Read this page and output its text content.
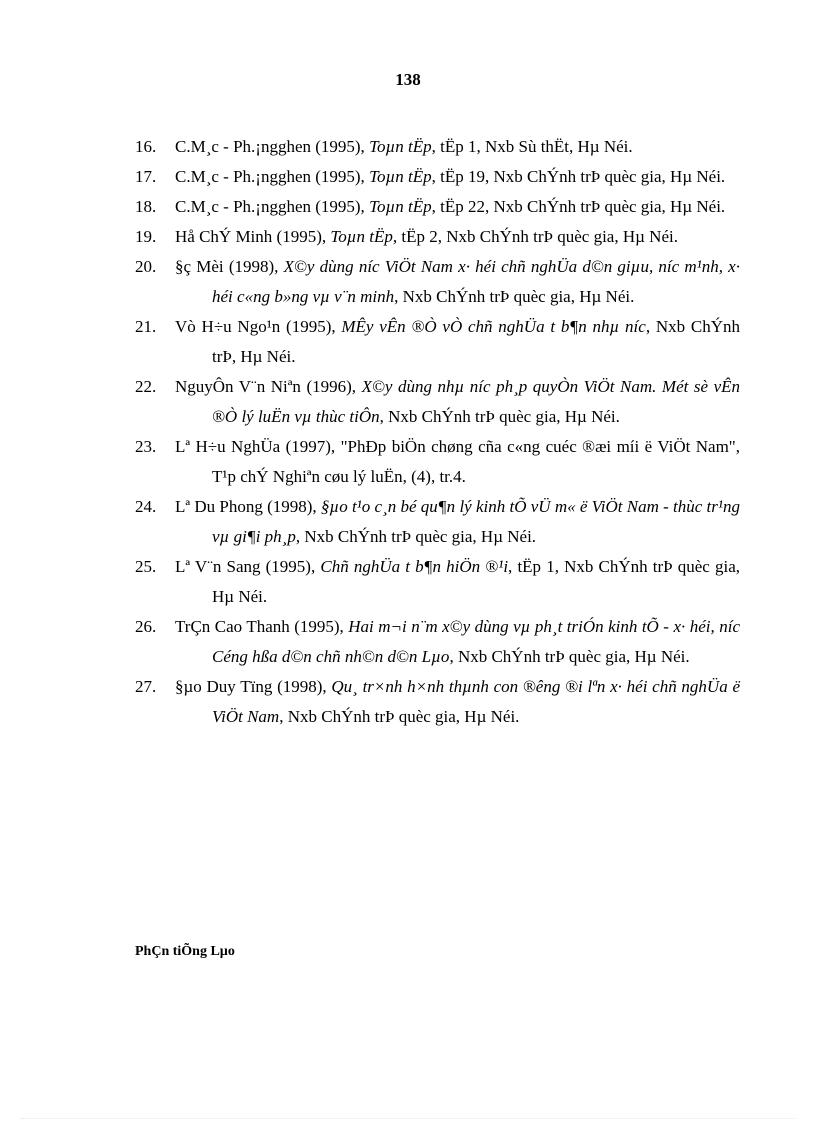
138
16.	C.M¸c - Ph.¡ngghen (1995), Toµn tËp, tËp 1, Nxb Sù thËt, Hµ Néi.
17.	C.M¸c - Ph.¡ngghen (1995), Toµn tËp, tËp 19, Nxb ChÝnh trÞ quèc gia, Hµ Néi.
18.	C.M¸c - Ph.¡ngghen (1995), Toµn tËp, tËp 22, Nxb ChÝnh trÞ quèc gia, Hµ Néi.
19.	Hå ChÝ Minh (1995), Toµn tËp, tËp 2, Nxb ChÝnh trÞ quèc gia, Hµ Néi.
20.	§ç Mèi (1998), X©y dùng níc ViÖt Nam x· héi chñ nghÜa d©n giµu, níc m¹nh, x· héi c«ng b»ng vµ v¨n minh, Nxb ChÝnh trÞ quèc gia, Hµ Néi.
21.	Vò H÷u Ngo¹n (1995), MÊy vÊn ®Ò vÒ chñ nghÜa t b¶n nhµ níc, Nxb ChÝnh trÞ, Hµ Néi.
22.	NguyÔn V¨n Niªn (1996), X©y dùng nhµ níc ph¸p quyÒn ViÖt Nam. Mét sè vÊn ®Ò lý luËn vµ thùc tiÔn, Nxb ChÝnh trÞ quèc gia, Hµ Néi.
23.	Lª H÷u NghÜa (1997), "PhÐp biÖn chøng cña c«ng cuéc ®æi míi ë ViÖt Nam", T¹p chÝ Nghiªn cøu lý luËn, (4), tr.4.
24.	Lª Du Phong (1998), §µo t¹o c¸n bé qu¶n lý kinh tÕ vÜ m« ë ViÖt Nam - thùc tr¹ng vµ gi¶i ph¸p, Nxb ChÝnh trÞ quèc gia, Hµ Néi.
25.	Lª V¨n Sang (1995), Chñ nghÜa t b¶n hiÖn ®¹i, tËp 1, Nxb ChÝnh trÞ quèc gia, Hµ Néi.
26.	TrÇn Cao Thanh (1995), Hai m¬i n¨m x©y dùng vµ ph¸t triÓn kinh tÕ - x· héi, níc Céng hßa d©n chñ nh©n d©n Lµo, Nxb ChÝnh trÞ quèc gia, Hµ Néi.
27.	§µo Duy Tïng (1998), Qu¸ tr×nh h×nh thµnh con ®êng ®i lªn x· héi chñ nghÜa ë ViÖt Nam, Nxb ChÝnh trÞ quèc gia, Hµ Néi.
PhÇn tiÕng Lµo
